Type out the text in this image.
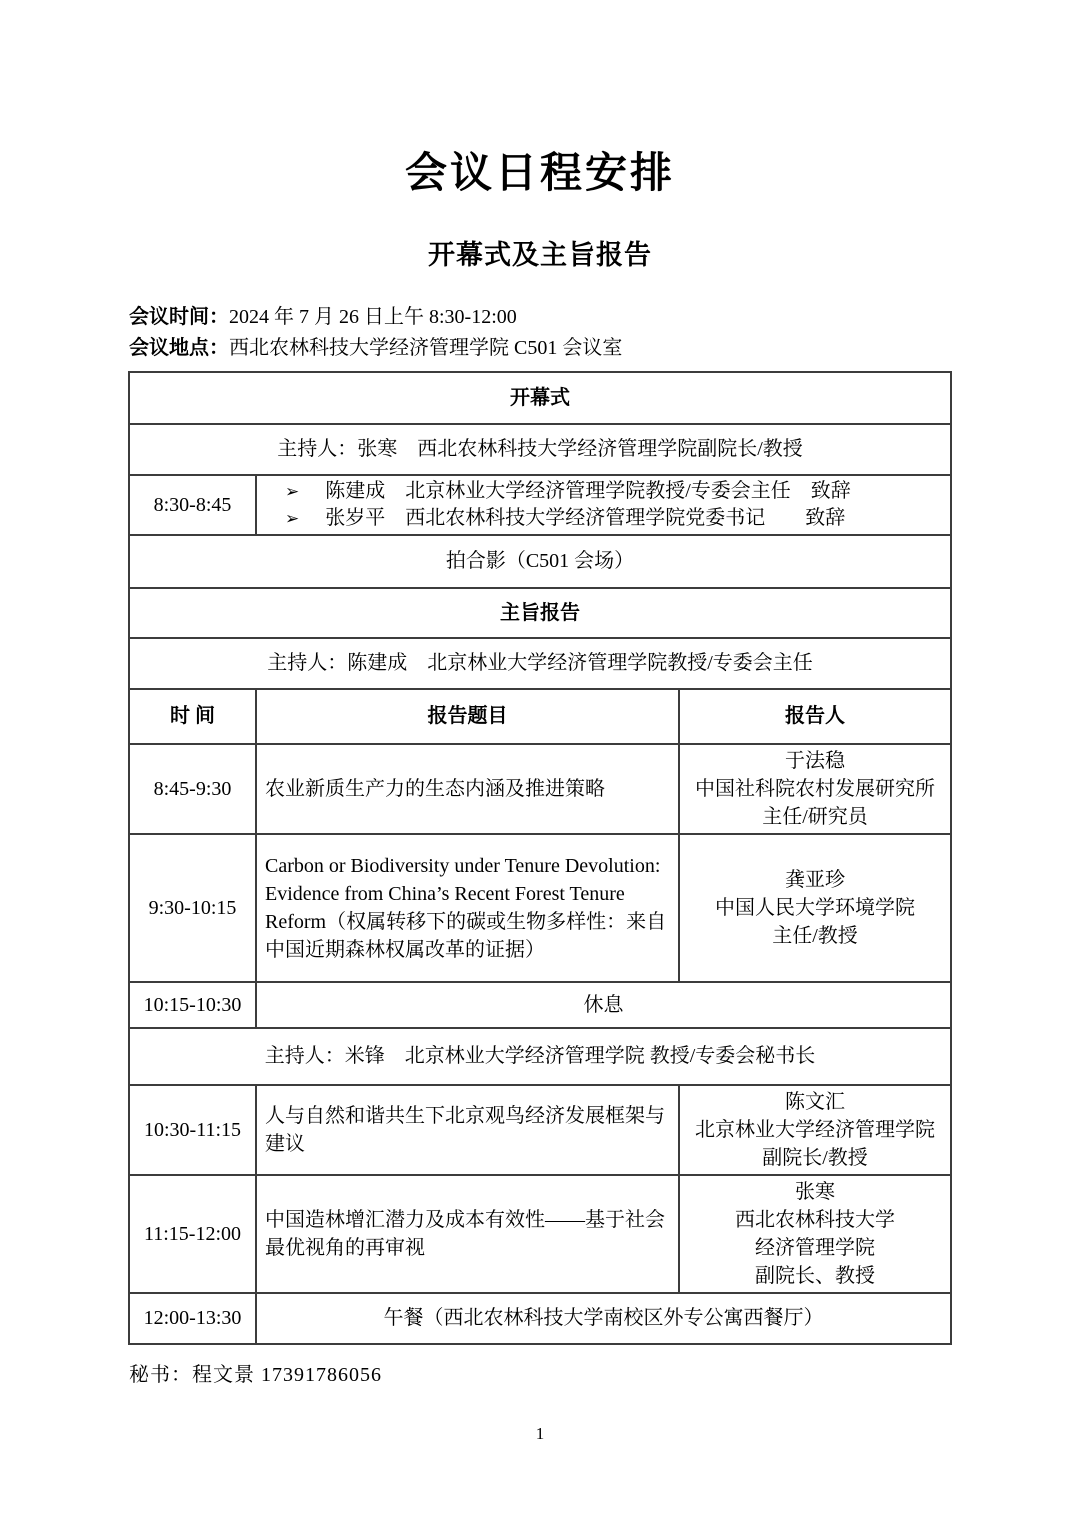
会议日程安排
开幕式及主旨报告
会议时间：2024 年 7 月 26 日上午 8:30-12:00
会议地点：西北农林科技大学经济管理学院 C501 会议室
开幕式		
主持人：张寒　西北农林科技大学经济管理学院副院长/教授		
8:30-8:45	➢ 陈建成　北京林业大学经济管理学院教授/专委会主任　致辞
➢ 张岁平　西北农林科技大学经济管理学院党委书记　　致辞	

拍合影（C501 会场）		
主旨报告		
主持人：陈建成　北京林业大学经济管理学院教授/专委会主任		
时 间	报告题目	报告人
8:45-9:30	农业新质生产力的生态内涵及推进策略	于法稳
中国社科院农村发展研究所
主任/研究员

9:30-10:15	Carbon or Biodiversity under Tenure Devolution: Evidence from China’s Recent Forest Tenure Reform（权属转移下的碳或生物多样性：来自中国近期森林权属改革的证据）	龚亚珍
中国人民大学环境学院
主任/教授

10:15-10:30	休息	
主持人：米锋　北京林业大学经济管理学院 教授/专委会秘书长		
10:30-11:15	人与自然和谐共生下北京观鸟经济发展框架与建议	陈文汇
北京林业大学经济管理学院
副院长/教授

11:15-12:00	中国造林增汇潜力及成本有效性——基于社会最优视角的再审视	张寒
西北农林科技大学
经济管理学院
副院长、教授

12:00-13:30	午餐（西北农林科技大学南校区外专公寓西餐厅）	
秘书：程文景 17391786056
1
